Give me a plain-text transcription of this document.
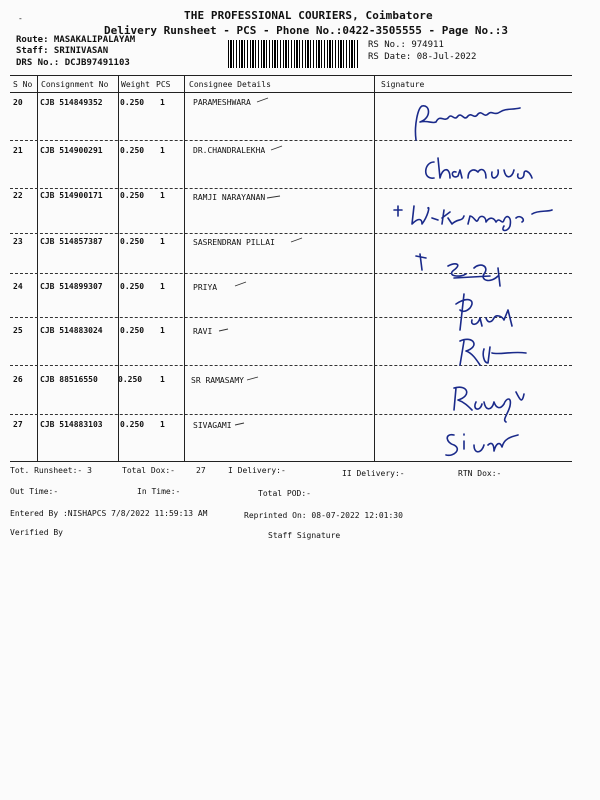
THE PROFESSIONAL COURIERS, Coimbatore
Delivery Runsheet - PCS - Phone No.:0422-3505555 - Page No.:3
-
Route: MASAKALIPALAYAM
Staff: SRINIVASAN
DRS No.: DCJB97491103
RS No.: 974911
RS Date: 08-Jul-2022
S No Consignment No Weight PCS Consignee Details	Signature
20 CJB 514849352 0.250 1	PARAMESHWARA
21 CJB 514900291 0.250 1	DR.CHANDRALEKHA
22 CJB 514900171 0.250 1	RAMJI NARAYANAN
23 CJB 514857387 0.250 1	SASRENDRAN PILLAI
24 CJB 514899307 0.250 1	PRIYA
25 CJB 514883024 0.250 1	RAVI
26 CJB 88516550	0.250 1	SR RAMASAMY
27 CJB 514883103 0.250 1	SIVAGAMI
Tot. Runsheet:- 3	Total Dox:-	27	I Delivery:-	II Delivery:-	RTN Dox:-
Out Time:-	In Time:-	Total POD:-
Entered By :NISHAPCS 7/8/2022 11:59:13 AM	Reprinted On: 08-07-2022 12:01:30
Verified By	Staff Signature
